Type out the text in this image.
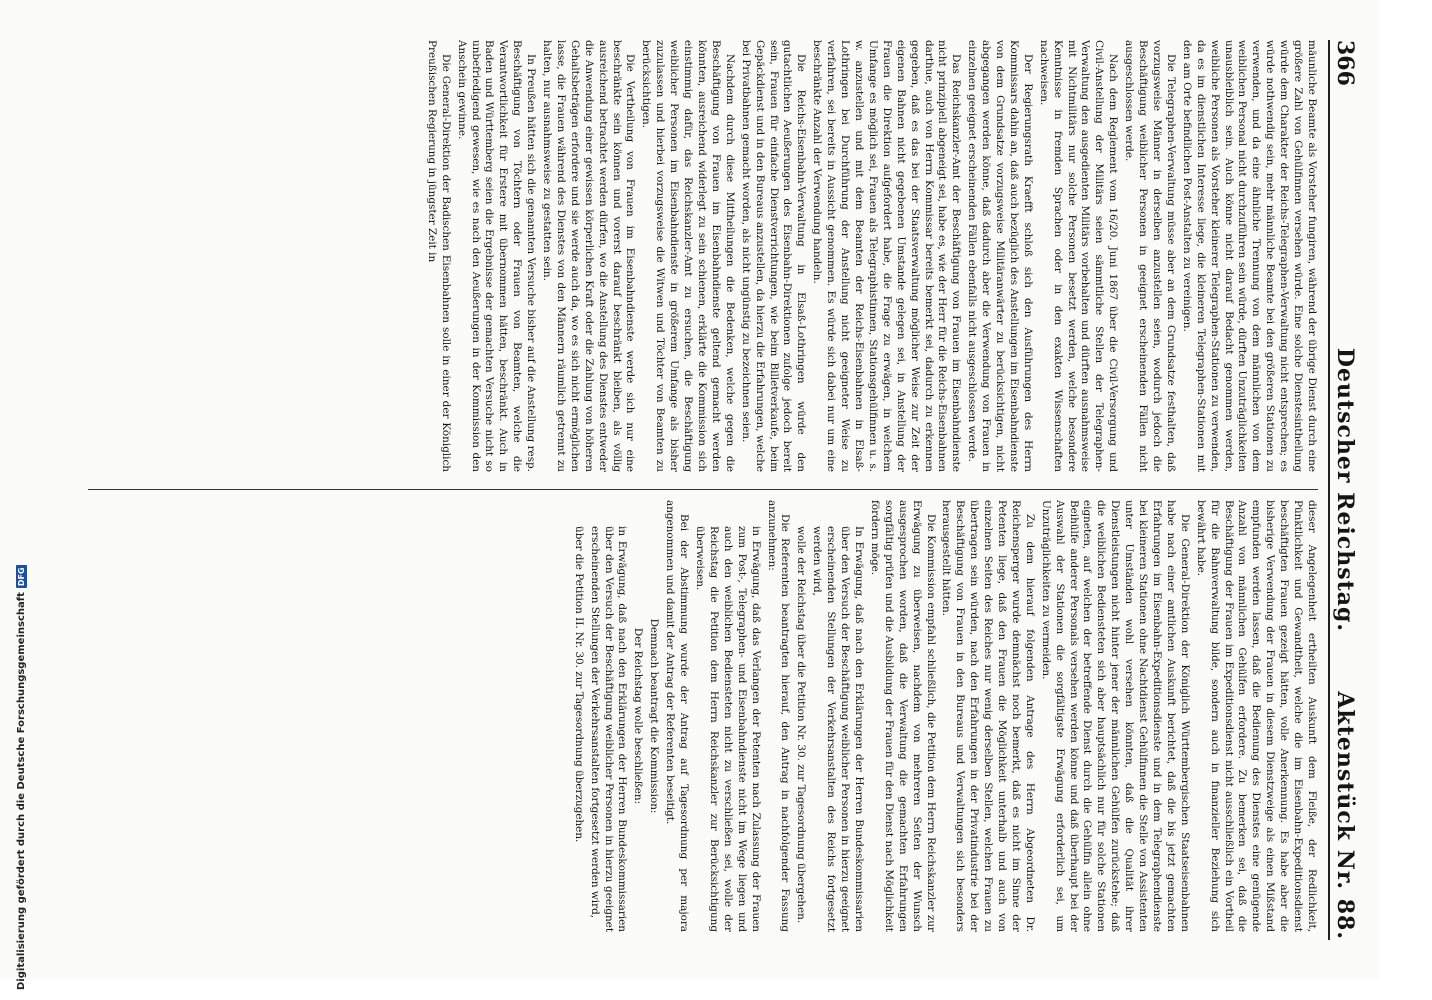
366
Deutscher Reichstag.
Aktenstück Nr. 88.

mäunliche Beamte als Vorsteher fungiren, während der übrige Dienst durch eine größere Zahl von Gehülfinnen versehen würde. Eine solche Dienstesintheilung würde dem Charakter der Reichs-Telegraphen-Verwaltung nicht entsprechen; es würde nothwendig sein, mehr männliche Beamte bei den größeren Stationen zu verwenden, und da eine ähnliche Trennung von dem männlichen von dem weiblichen Personal nicht durchzuführen sein würde, dürften Unzuträglichkeiten unausbleiblich sein. Auch könne nicht darauf Bedacht genommen werden, weibliche Personen als Vorsteher kleinerer Telegraphen-Stationen zu verwenden, da es im dienstlichen Interesse liege, die kleineren Telegraphen-Stationen mit den am Orte befindlichen Post-Anstalten zu vereinigen.

Die Telegraphen-Verwaltung müsse aber an dem Grundsatze festhalten, daß vorzugsweise Männer in derselben anzustellen seien, wodurch jedoch die Beschäftigung weiblicher Personen in geeignet erscheinenden Fällen nicht ausgeschlossen werde.

Nach dem Reglement vom 16/20. Juni 1867 über die Civil-Versorgung und Civil-Anstellung der Militärs seien sämmtliche Stellen der Telegraphen-Verwaltung den ausgedienten Militärs vorbehalten und dürften ausnahmsweise mit Nichtmilitärs nur solche Personen besetzt werden, welche besondere Kenntnisse in fremden Sprachen oder in den exakten Wissenschaften nachweisen.

Der Regierungsrath Kraefft schloß sich den Ausführungen des Herrn Kommissars dahin an, daß auch bezüglich des Anstellungen im Eisenbahndienste von dem Grundsatze vorzugsweise Militäranwärter zu berücksichtigen, nicht abgegangen werden könne, daß dadurch aber die Verwendung von Frauen in einzelnen geeignet erscheinenden Fällen ebenfalls nicht ausgeschlossen werde.

Das Reichskanzler-Amt der Beschäftigung von Frauen im Eisenbahndienste nicht prinzipiell abgeneigt sei, habe es, wie der Herr für die Reichs-Eisenbahnen darthue, auch von Herrn Kommissar bereits bemerkt sei, dadurch zu erkennen gegeben, daß es das bei der Staatsverwaltung möglicher Weise zur Zeit der eigenen Bahnen nicht gegebenen Umstande gelegen sei, in Anstellung der Frauen die Direktion aufgefordert habe, die Frage zu erwägen, in welchem Umfange es möglich sei, Frauen als Telegraphistinnen, Stationsgehülfinnen u. s. w. anzustellen und mit dem Beamten der Reichs-Eisenbahnen in Elsaß-Lothringen bei Durchführung der Anstellung nicht geeigneter Weise zu verfahren, sei bereits in Aussicht genommen. Es würde sich dabei nur um eine beschränkte Anzahl der Verwendung handeln.

Die Reichs-Eisenbahn-Verwaltung in Elsaß-Lothringen würde den gutachtlichen Aeußerungen des Eisenbahn-Direktionen zufolge jedoch bereit sein, Frauen für einfache Dienstverrichtungen, wie beim Billetverkaufe, beim Gepäckdienst und in den Bureaus anzustellen, da hierzu die Erfahrungen, welche bei Privatbahnen gemacht worden, als nicht ungünstig zu bezeichnen seien.

Nachdem durch diese Mittheilungen die Bedenken, welche gegen die Beschäftigung von Frauen im Eisenbahndienste geltend gemacht werden könnten, ausreichend widerlegt zu sein schienen, erklärte die Kommission sich einstimmig dafür, das Reichskanzler-Amt zu ersuchen, die Beschäftigung weiblicher Personen im Eisenbahndienste in größerem Umfange als bisher zuzulassen und hierbei vorzugsweise die Witwen und Töchter von Beamten zu berücksichtigen.

Die Vertheilung von Frauen im Eisenbahndienste werde sich nur eine beschränkte sein können und vorerst darauf beschränkt bleiben, als völlig ausreichend betrachtet werden dürfen, wo die Anstellung des Dienstes entweder die Anwendung einer gewissen körperlichen Kraft oder die Zahlung von höheren Gehaltsbeträgen erfordere und sie werde auch da, wo es sich nicht ermöglichen lasse, die Frauen während des Dienstes von den Männern räumlich getrennt zu halten, nur ausnahmsweise zu gestatten sein.

In Preußen hätten sich die genannten Versuche bisher auf die Anstellung resp. Beschäftigung von Töchtern oder Frauen von Beamten, welche die Verantwortlichkeit für Erstere mit übernommen hätten, beschränkt. Auch in Baden und Württemberg seien die Ergebnisse der gemachten Versuche nicht so unbefriedigend gewesen, wie es nach den Aeußerungen in der Kommission den Anschein gewinne.

Die General-Direktion der Badischen Eisenbahnen solle in einer der Königlich Preußischen Regierung in jüngster Zeit in

dieser Angelegenheit ertheilten Auskunft dem Fleiße, der Redlichkeit, Pünktlichkeit und Gewandtheit, welche die im Eisenbahn-Expeditionsdienst beschäftigten Frauen gezeigt hätten, volle Anerkennung. Es habe aber die bisherige Verwendung der Frauen in diesem Dienstzweige als einen Mißstand empfunden werden lassen, daß die Bedienung des Dienstes eine genügende Anzahl von männlichen Gehülfen erfordere. Zu bemerken sei, daß die Beschäftigung der Frauen im Expeditionsdienst nicht ausschließlich ein Vortheil für die Bahnverwaltung bilde, sondern auch in finanzieller Beziehung sich bewährt habe.

Die General-Direktion der Königlich Württembergischen Staatseisenbahnen habe nach einer amtlichen Auskunft berichtet, daß die bis jetzt gemachten Erfahrungen im Eisenbahn-Expeditionsdienste und in dem Telegraphendienste bei kleineren Stationen ohne Nachtdienst Gehülfinnen die Stelle von Assistenten unter Umständen wohl versehen könnten, daß die Qualität ihrer Dienstleistungen nicht hinter jener der männlichen Gehülfen zurückstehe; daß die weiblichen Bediensteten sich aber hauptsächlich nur für solche Stationen eigneten, auf welchen der betreffende Dienst durch die Gehülfin allein ohne Beihülfe anderer Personals versehen werden könne und daß überhaupt bei der Auswahl der Stationen die sorgfältigste Erwägung erforderlich sei, um Unzuträglichkeiten zu vermeiden.

Zu dem hierauf folgenden Antrage des Herrn Abgeordneten Dr. Reichensperger wurde demnächst noch bemerkt, daß es nicht im Sinne der Petenten liege, daß den Frauen die Möglichkeit unterhalb und auch von einzelnen Seiten des Reiches nur wenig derselben Stellen, welchen Frauen zu übertragen sein würden, nach den Erfahrungen in der Privatindustrie bei der Beschäftigung von Frauen in den Bureaus und Verwaltungen sich besonders herausgestellt hätten.

Die Kommission empfahl schließlich, die Petition dem Herrn Reichskanzler zur Erwägung zu überweisen, nachdem von mehreren Seiten der Wunsch ausgesprochen worden, daß die Verwaltung die gemachten Erfahrungen sorgfältig prüfen und die Ausbildung der Frauen für den Dienst nach Möglichkeit fördern möge.

In Erwägung, daß nach den Erklärungen der Herren Bundeskommissarien über den Versuch der Beschäftigung weiblicher Personen in hierzu geeignet erscheinenden Stellungen der Verkehrsanstalten des Reichs fortgesetzt werden wird,

wolle der Reichstag über die Petition Nr. 30. zur Tagesordnung übergehen.

Die Referenten beantragten hierauf, den Antrag in nachfolgender Fassung anzunehmen:

in Erwägung, daß das Verlangen der Petenten nach Zulassung der Frauen zum Post-, Telegraphen- und Eisenbahndienste nicht im Wege liegen und auch den weiblichen Bediensteten nicht zu verschließen sei, wolle der Reichstag die Petition dem Herrn Reichskanzler zur Berücksichtigung überweisen.

Bei der Abstimmung wurde der Antrag auf Tagesordnung per majora angenommen und damit der Antrag der Referenten beseitigt.

Demnach beantragt die Kommission:

Der Reichstag wolle beschließen:

in Erwägung, daß nach den Erklärungen der Herren Bundeskommissarien über den Versuch der Beschäftigung weiblicher Personen in hierzu geeignet erscheinenden Stellungen der Verkehrsanstalten fortgesetzt werden wird,

über die Petition II. Nr. 30. zur Tagesordnung überzugehen.

Digitalisierung gefördert durch die Deutsche Forschungsgemeinschaft
DFG
